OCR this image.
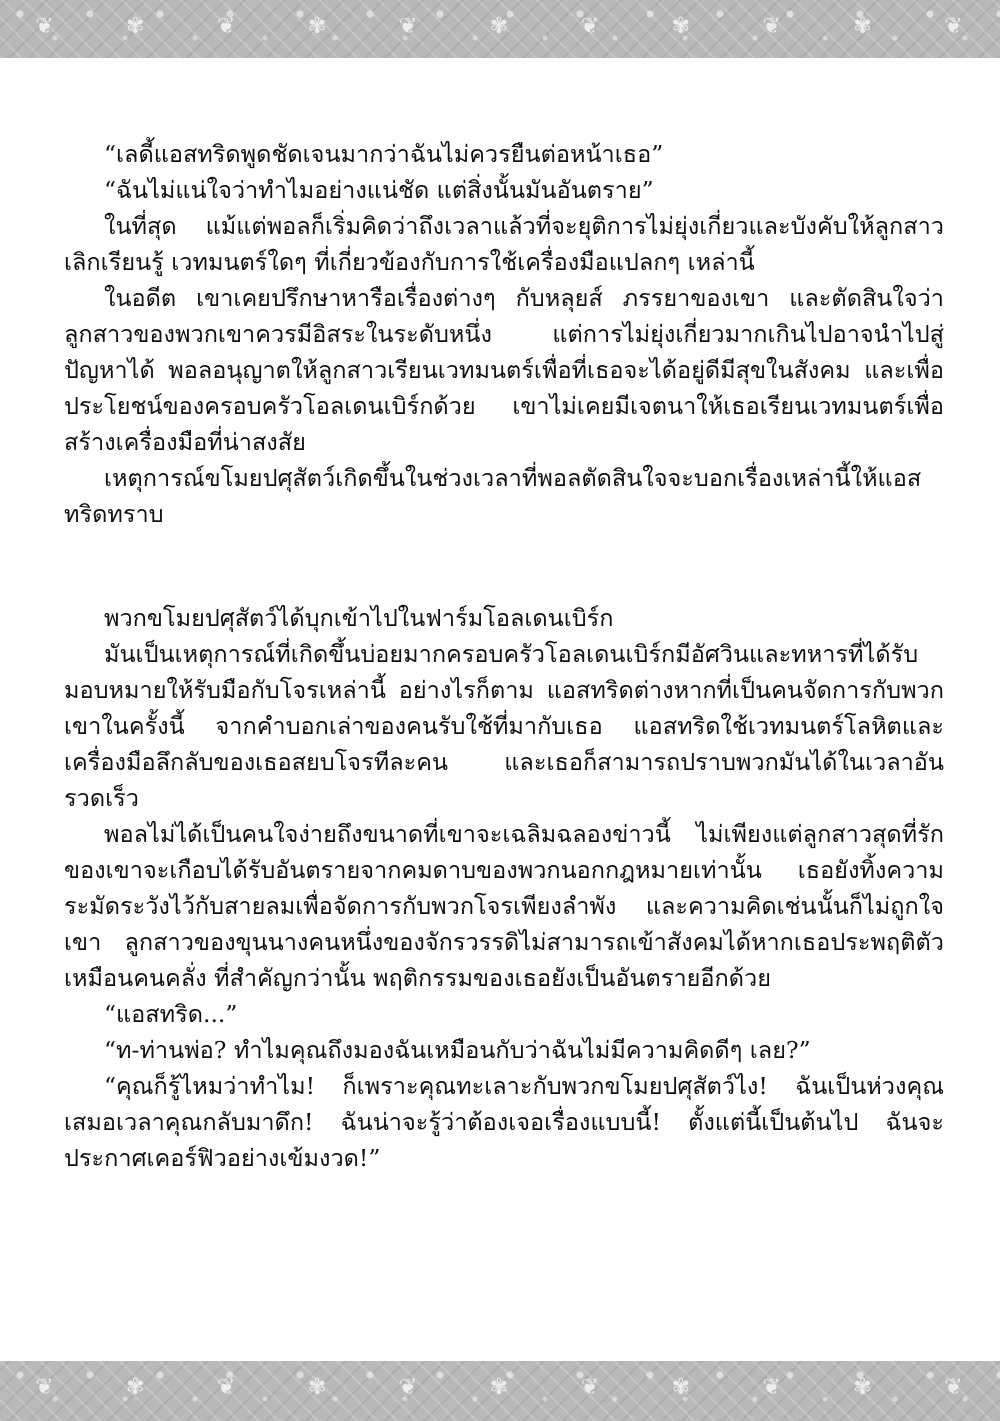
❦	✾	❦	✾	❦	✾	❦	✾	❦	✾	❦

“เลดี้แอสทริดพูดชัดเจนมากว่าฉันไม่ควรยืนต่อหน้าเธอ”

“ฉันไม่แน่ใจว่าทำไมอย่างแน่ชัด แต่สิ่งนั้นมันอันตราย”

ในที่สุด แม้แต่พอลก็เริ่มคิดว่าถึงเวลาแล้วที่จะยุติการไม่ยุ่งเกี่ยวและบังคับให้ลูกสาวเลิกเรียนรู้ เวทมนตร์ใดๆ ที่เกี่ยวข้องกับการใช้เครื่องมือแปลกๆ เหล่านี้

ในอดีต เขาเคยปรึกษาหารือเรื่องต่างๆ กับหลุยส์ ภรรยาของเขา และตัดสินใจว่าลูกสาวของพวกเขาควรมีอิสระในระดับหนึ่ง แต่การไม่ยุ่งเกี่ยวมากเกินไปอาจนำไปสู่ปัญหาได้ พอลอนุญาตให้ลูกสาวเรียนเวทมนตร์เพื่อที่เธอจะได้อยู่ดีมีสุขในสังคม และเพื่อประโยชน์ของครอบครัวโอลเดนเบิร์กด้วย เขาไม่เคยมีเจตนาให้เธอเรียนเวทมนตร์เพื่อสร้างเครื่องมือที่น่าสงสัย

เหตุการณ์ขโมยปศุสัตว์เกิดขึ้นในช่วงเวลาที่พอลตัดสินใจจะบอกเรื่องเหล่านี้ให้แอสทริดทราบ

พวกขโมยปศุสัตว์ได้บุกเข้าไปในฟาร์มโอลเดนเบิร์ก

มันเป็นเหตุการณ์ที่เกิดขึ้นบ่อยมากครอบครัวโอลเดนเบิร์กมีอัศวินและทหารที่ได้รับมอบหมายให้รับมือกับโจรเหล่านี้ อย่างไรก็ตาม แอสทริดต่างหากที่เป็นคนจัดการกับพวกเขาในครั้งนี้ จากคำบอกเล่าของคนรับใช้ที่มากับเธอ แอสทริดใช้เวทมนตร์โลหิตและเครื่องมือลึกลับของเธอสยบโจรทีละคน และเธอก็สามารถปราบพวกมันได้ในเวลาอันรวดเร็ว

พอลไม่ได้เป็นคนใจง่ายถึงขนาดที่เขาจะเฉลิมฉลองข่าวนี้ ไม่เพียงแต่ลูกสาวสุดที่รักของเขาจะเกือบได้รับอันตรายจากคมดาบของพวกนอกกฎหมายเท่านั้น เธอยังทิ้งความระมัดระวังไว้กับสายลมเพื่อจัดการกับพวกโจรเพียงลำพัง และความคิดเช่นนั้นก็ไม่ถูกใจเขา ลูกสาวของขุนนางคนหนึ่งของจักรวรรดิไม่สามารถเข้าสังคมได้หากเธอประพฤติตัวเหมือนคนคลั่ง ที่สำคัญกว่านั้น พฤติกรรมของเธอยังเป็นอันตรายอีกด้วย

“แอสทริด...”

“ท-ท่านพ่อ? ทำไมคุณถึงมองฉันเหมือนกับว่าฉันไม่มีความคิดดีๆ เลย?”

“คุณก็รู้ไหมว่าทำไม! ก็เพราะคุณทะเลาะกับพวกขโมยปศุสัตว์ไง! ฉันเป็นห่วงคุณเสมอเวลาคุณกลับมาดึก! ฉันน่าจะรู้ว่าต้องเจอเรื่องแบบนี้! ตั้งแต่นี้เป็นต้นไป ฉันจะประกาศเคอร์ฟิวอย่างเข้มงวด!”

❦	✾	❦	✾	❦	✾	❦	✾	❦	✾	❦
